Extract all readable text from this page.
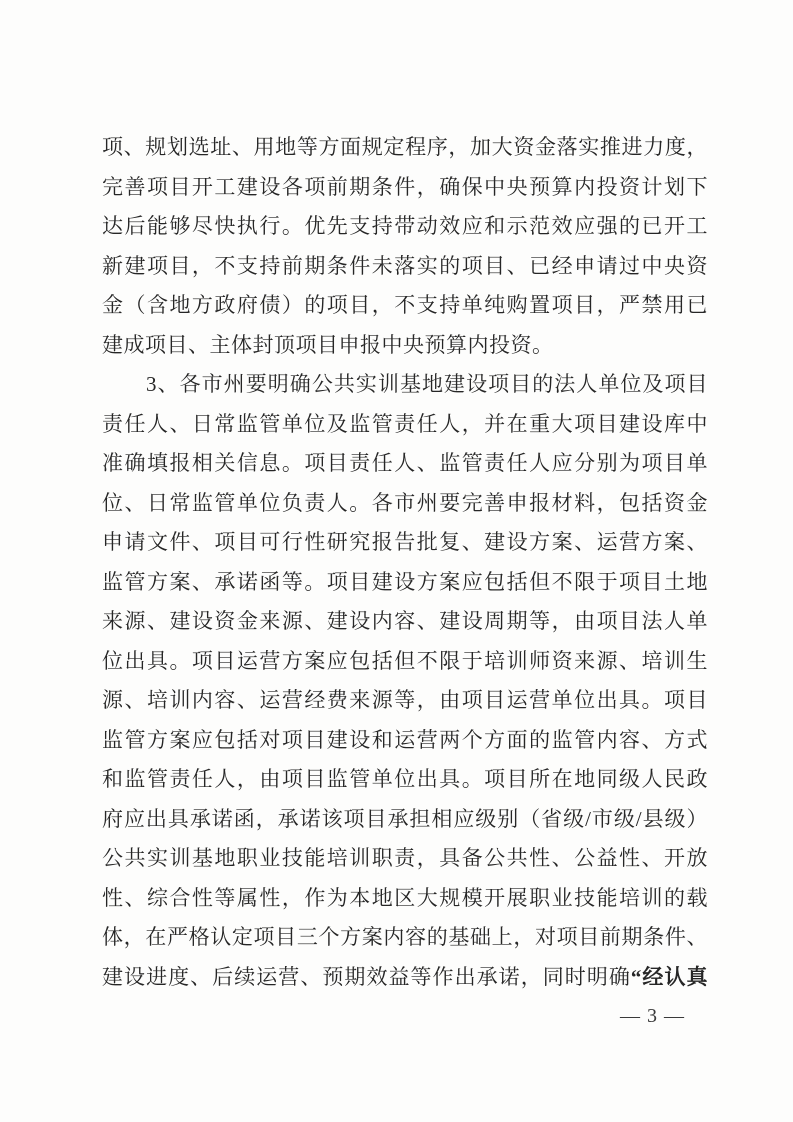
项、规划选址、用地等方面规定程序，加大资金落实推进力度，
完善项目开工建设各项前期条件，确保中央预算内投资计划下
达后能够尽快执行。优先支持带动效应和示范效应强的已开工
新建项目，不支持前期条件未落实的项目、已经申请过中央资
金（含地方政府债）的项目，不支持单纯购置项目，严禁用已
建成项目、主体封顶项目申报中央预算内投资。
3、各市州要明确公共实训基地建设项目的法人单位及项目
责任人、日常监管单位及监管责任人，并在重大项目建设库中
准确填报相关信息。项目责任人、监管责任人应分别为项目单
位、日常监管单位负责人。各市州要完善申报材料，包括资金
申请文件、项目可行性研究报告批复、建设方案、运营方案、
监管方案、承诺函等。项目建设方案应包括但不限于项目土地
来源、建设资金来源、建设内容、建设周期等，由项目法人单
位出具。项目运营方案应包括但不限于培训师资来源、培训生
源、培训内容、运营经费来源等，由项目运营单位出具。项目
监管方案应包括对项目建设和运营两个方面的监管内容、方式
和监管责任人，由项目监管单位出具。项目所在地同级人民政
府应出具承诺函，承诺该项目承担相应级别（省级/市级/县级）
公共实训基地职业技能培训职责，具备公共性、公益性、开放
性、综合性等属性，作为本地区大规模开展职业技能培训的载
体，在严格认定项目三个方案内容的基础上，对项目前期条件、
建设进度、后续运营、预期效益等作出承诺，同时明确“经认真
— 3 —
